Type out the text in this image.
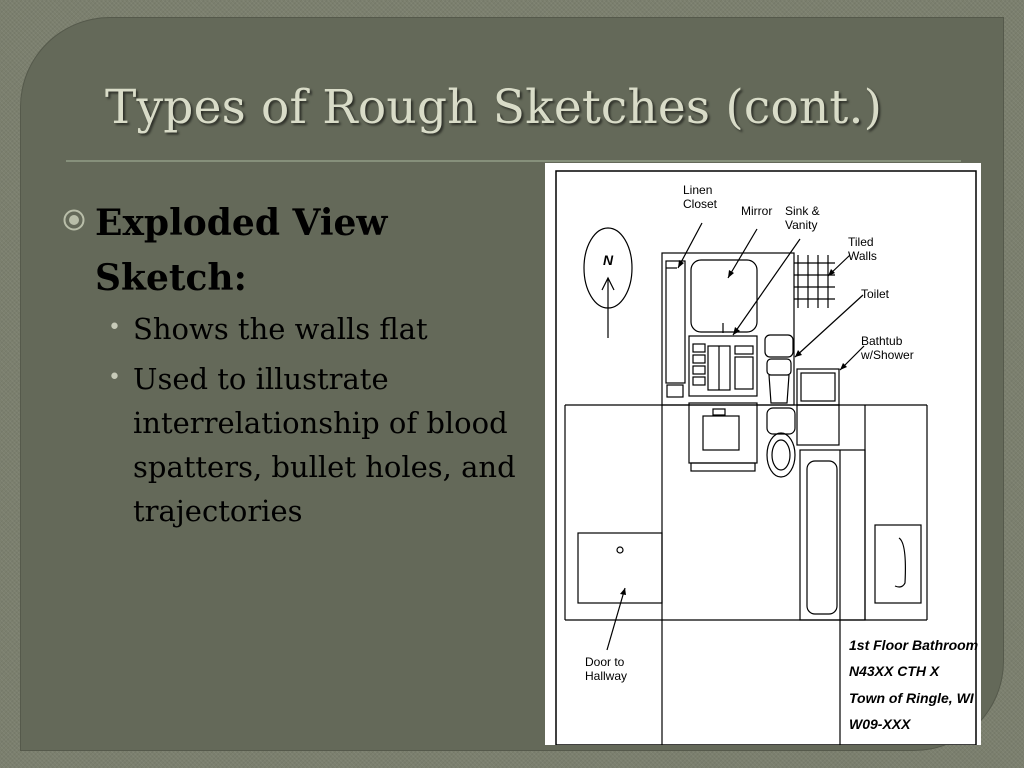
Types of Rough Sketches (cont.)
Exploded View Sketch:
• Shows the walls flat
• Used to illustrate interrelationship of blood spatters, bullet holes, and trajectories
N
Linen
Closet Mirror Sink &
Vanity
Tiled
Walls
Toilet
Bathtub
w/Shower
Door to
Hallway
1st Floor Bathroom
N43XX CTH X
Town of Ringle, WI
W09-XXX
